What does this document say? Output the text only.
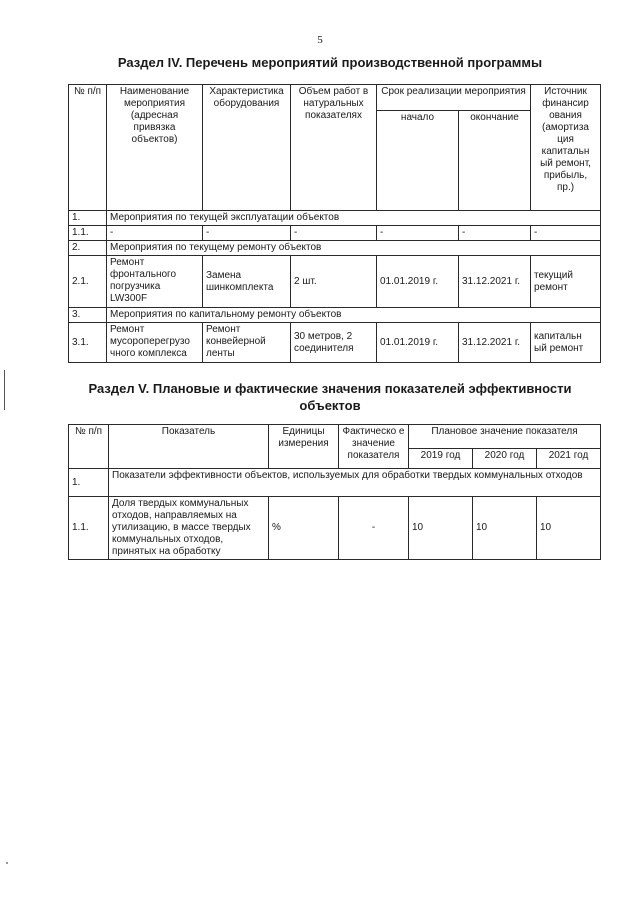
5
Раздел IV. Перечень мероприятий производственной программы
№ п/п	Наименование мероприятия (адресная привязка объектов)	Характеристика оборудования	Объем работ в натуральных показателях	Срок реализации мероприятия		Источник финансир ования (амортиза ция капитальн ый ремонт, прибыль, пр.)
				начало	окончание	
1.	Мероприятия по текущей эксплуатации объектов					
1.1.	-	-	-	-	-	-
2.	Мероприятия по текущему ремонту объектов					
2.1.	Ремонт фронтального погрузчика LW300F	Замена шинкомплекта	2 шт.	01.01.2019 г.	31.12.2021 г.	текущий ремонт
3.	Мероприятия по капитальному ремонту объектов					
3.1.	Ремонт мусороперегрузо чного комплекса	Ремонт конвейерной ленты	30 метров, 2 соединителя	01.01.2019 г.	31.12.2021 г.	капитальн ый ремонт
Раздел V. Плановые и фактические значения показателей эффективности объектов
№ п/п	Показатель	Единицы измерения	Фактическо е значение показателя	Плановое значение показателя		
				2019 год	2020 год	2021 год
1.	Показатели эффективности объектов, используемых для обработки твердых коммунальных отходов					
1.1.	Доля твердых коммунальных отходов, направляемых на утилизацию, в массе твердых коммунальных отходов, принятых на обработку	%	-	10	10	10
